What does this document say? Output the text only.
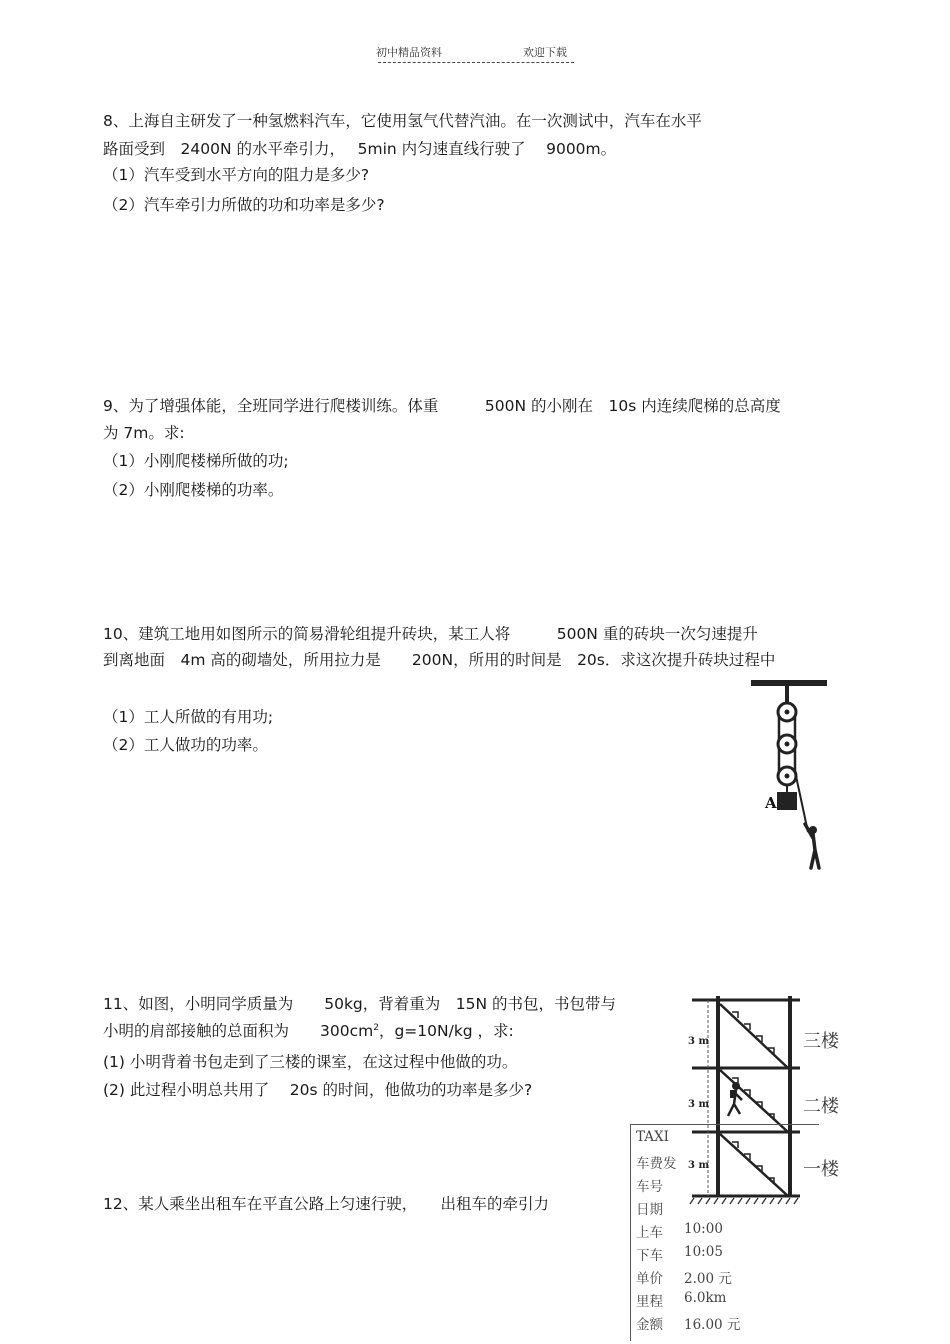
初中精品资料	欢迎下载
8、上海自主研发了一种氢燃料汽车，它使用氢气代替汽油。在一次测试中，汽车在水平
路面受到　2400N 的水平牵引力，　 5min 内匀速直线行驶了　 9000m。
（1）汽车受到水平方向的阻力是多少?
（2）汽车牵引力所做的功和功率是多少?
9、为了增强体能，全班同学进行爬楼训练。体重　　　500N 的小刚在　10s 内连续爬梯的总高度
为 7m。求:
（1）小刚爬楼梯所做的功;
（2）小刚爬楼梯的功率。
10、建筑工地用如图所示的简易滑轮组提升砖块，某工人将　　　500N 重的砖块一次匀速提升
到离地面　4m 高的砌墙处，所用拉力是　　200N，所用的时间是　20s．求这次提升砖块过程中
（1）工人所做的有用功;
（2）工人做功的功率。
A
11、如图，小明同学质量为　　50kg，背着重为　15N 的书包，书包带与
小明的肩部接触的总面积为　　$300cm^2$，g=10N/kg ，求:
(1) 小明背着书包走到了三楼的课室，在这过程中他做的功。
(2) 此过程小明总共用了　 20s 的时间，他做功的功率是多少?
3 m
3 m
3 m
三楼
二楼
一楼
12、某人乘坐出租车在平直公路上匀速行驶，　　出租车的牵引力
TAXI
车费发
车号
日期
上车 10:00
下车 10:05
单价 2.00 元
里程 6.0km
金额 16.00 元
